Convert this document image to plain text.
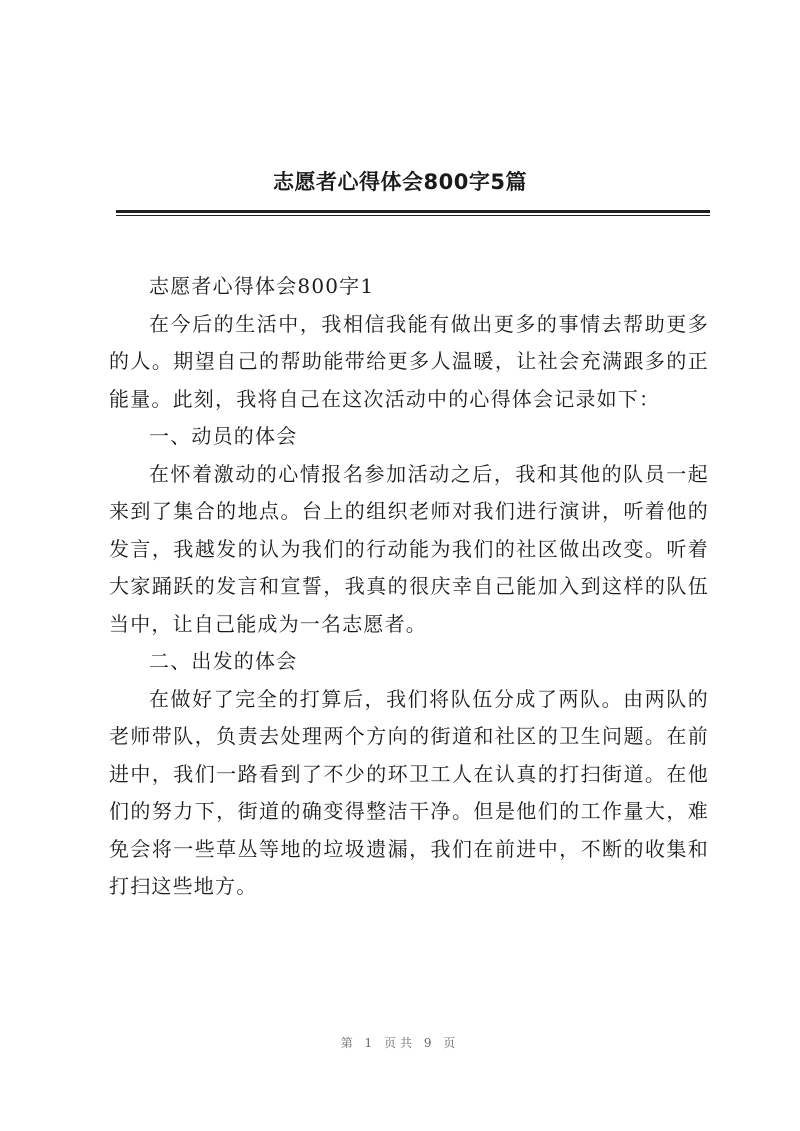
志愿者心得体会800字5篇

志愿者心得体会800字1

在今后的生活中，我相信我能有做出更多的事情去帮助更多的人。期望自己的帮助能带给更多人温暖，让社会充满跟多的正能量。此刻，我将自己在这次活动中的心得体会记录如下：

一、动员的体会

在怀着激动的心情报名参加活动之后，我和其他的队员一起来到了集合的地点。台上的组织老师对我们进行演讲，听着他的发言，我越发的认为我们的行动能为我们的社区做出改变。听着大家踊跃的发言和宣誓，我真的很庆幸自己能加入到这样的队伍当中，让自己能成为一名志愿者。

二、出发的体会

在做好了完全的打算后，我们将队伍分成了两队。由两队的老师带队，负责去处理两个方向的街道和社区的卫生问题。在前进中，我们一路看到了不少的环卫工人在认真的打扫街道。在他们的努力下，街道的确变得整洁干净。但是他们的工作量大，难免会将一些草丛等地的垃圾遗漏，我们在前进中，不断的收集和打扫这些地方。

第 1 页共 9 页
